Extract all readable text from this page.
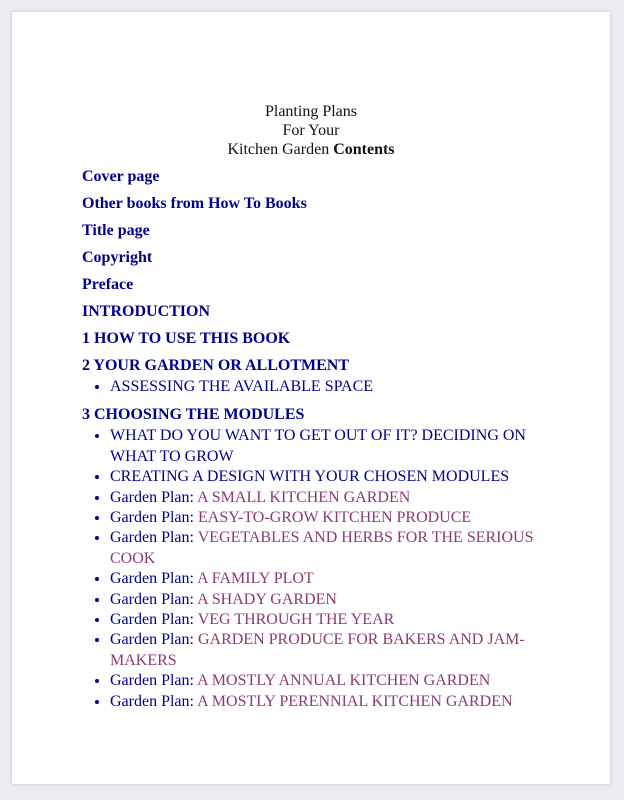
Planting Plans
For Your
Kitchen Garden Contents
Cover page
Other books from How To Books
Title page
Copyright
Preface
INTRODUCTION
1 HOW TO USE THIS BOOK
2 YOUR GARDEN OR ALLOTMENT
• ASSESSING THE AVAILABLE SPACE
3 CHOOSING THE MODULES
• WHAT DO YOU WANT TO GET OUT OF IT? DECIDING ON WHAT TO GROW
• CREATING A DESIGN WITH YOUR CHOSEN MODULES
• Garden Plan: A SMALL KITCHEN GARDEN
• Garden Plan: EASY-TO-GROW KITCHEN PRODUCE
• Garden Plan: VEGETABLES AND HERBS FOR THE SERIOUS COOK
• Garden Plan: A FAMILY PLOT
• Garden Plan: A SHADY GARDEN
• Garden Plan: VEG THROUGH THE YEAR
• Garden Plan: GARDEN PRODUCE FOR BAKERS AND JAM-MAKERS
• Garden Plan: A MOSTLY ANNUAL KITCHEN GARDEN
• Garden Plan: A MOSTLY PERENNIAL KITCHEN GARDEN
